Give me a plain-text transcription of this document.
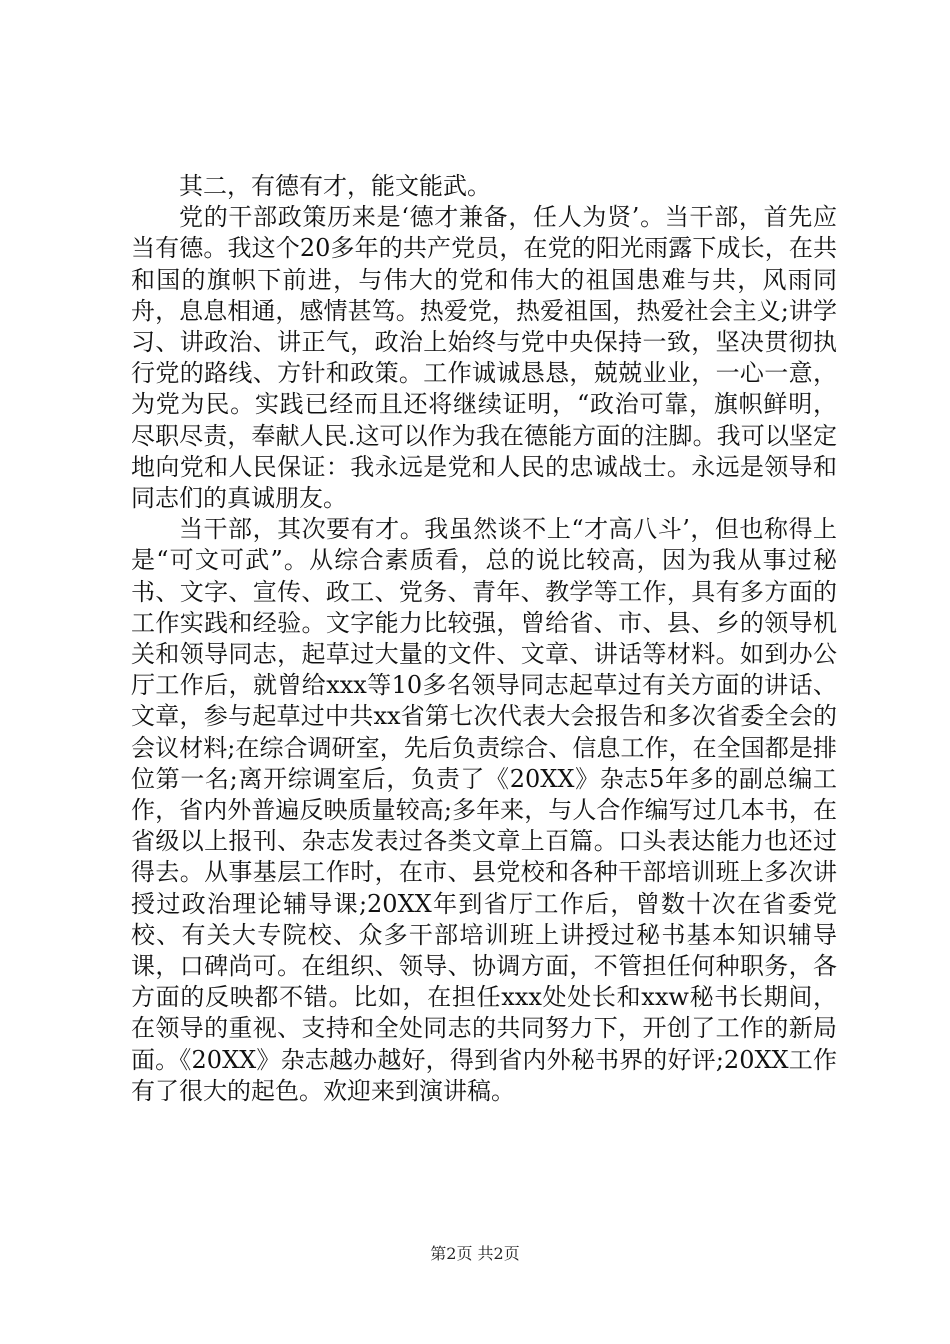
其二，有德有才，能文能武。

党的干部政策历来是‘德才兼备，任人为贤’。当干部，首先应当有德。我这个20多年的共产党员，在党的阳光雨露下成长，在共和国的旗帜下前进，与伟大的党和伟大的祖国患难与共，风雨同舟，息息相通，感情甚笃。热爱党，热爱祖国，热爱社会主义;讲学习、讲政治、讲正气，政治上始终与党中央保持一致，坚决贯彻执行党的路线、方针和政策。工作诚诚恳恳，兢兢业业，一心一意，为党为民。实践已经而且还将继续证明，“政治可靠，旗帜鲜明，尽职尽责，奉献人民.这可以作为我在德能方面的注脚。我可以坚定地向党和人民保证：我永远是党和人民的忠诚战士。永远是领导和同志们的真诚朋友。

当干部，其次要有才。我虽然谈不上“才高八斗’，但也称得上是“可文可武”。从综合素质看，总的说比较高，因为我从事过秘书、文字、宣传、政工、党务、青年、教学等工作，具有多方面的工作实践和经验。文字能力比较强，曾给省、市、县、乡的领导机关和领导同志，起草过大量的文件、文章、讲话等材料。如到办公厅工作后，就曾给xxx等10多名领导同志起草过有关方面的讲话、文章，参与起草过中共xx省第七次代表大会报告和多次省委全会的会议材料;在综合调研室，先后负责综合、信息工作，在全国都是排位第一名;离开综调室后，负责了《20XX》杂志5年多的副总编工作，省内外普遍反映质量较高;多年来，与人合作编写过几本书，在省级以上报刊、杂志发表过各类文章上百篇。口头表达能力也还过得去。从事基层工作时，在市、县党校和各种干部培训班上多次讲授过政治理论辅导课;20XX年到省厅工作后，曾数十次在省委党校、有关大专院校、众多干部培训班上讲授过秘书基本知识辅导课，口碑尚可。在组织、领导、协调方面，不管担任何种职务，各方面的反映都不错。比如，在担任xxx处处长和xxw秘书长期间，在领导的重视、支持和全处同志的共同努力下，开创了工作的新局面。《20XX》杂志越办越好，得到省内外秘书界的好评;20XX工作有了很大的起色。欢迎来到演讲稿。

第2页 共2页
